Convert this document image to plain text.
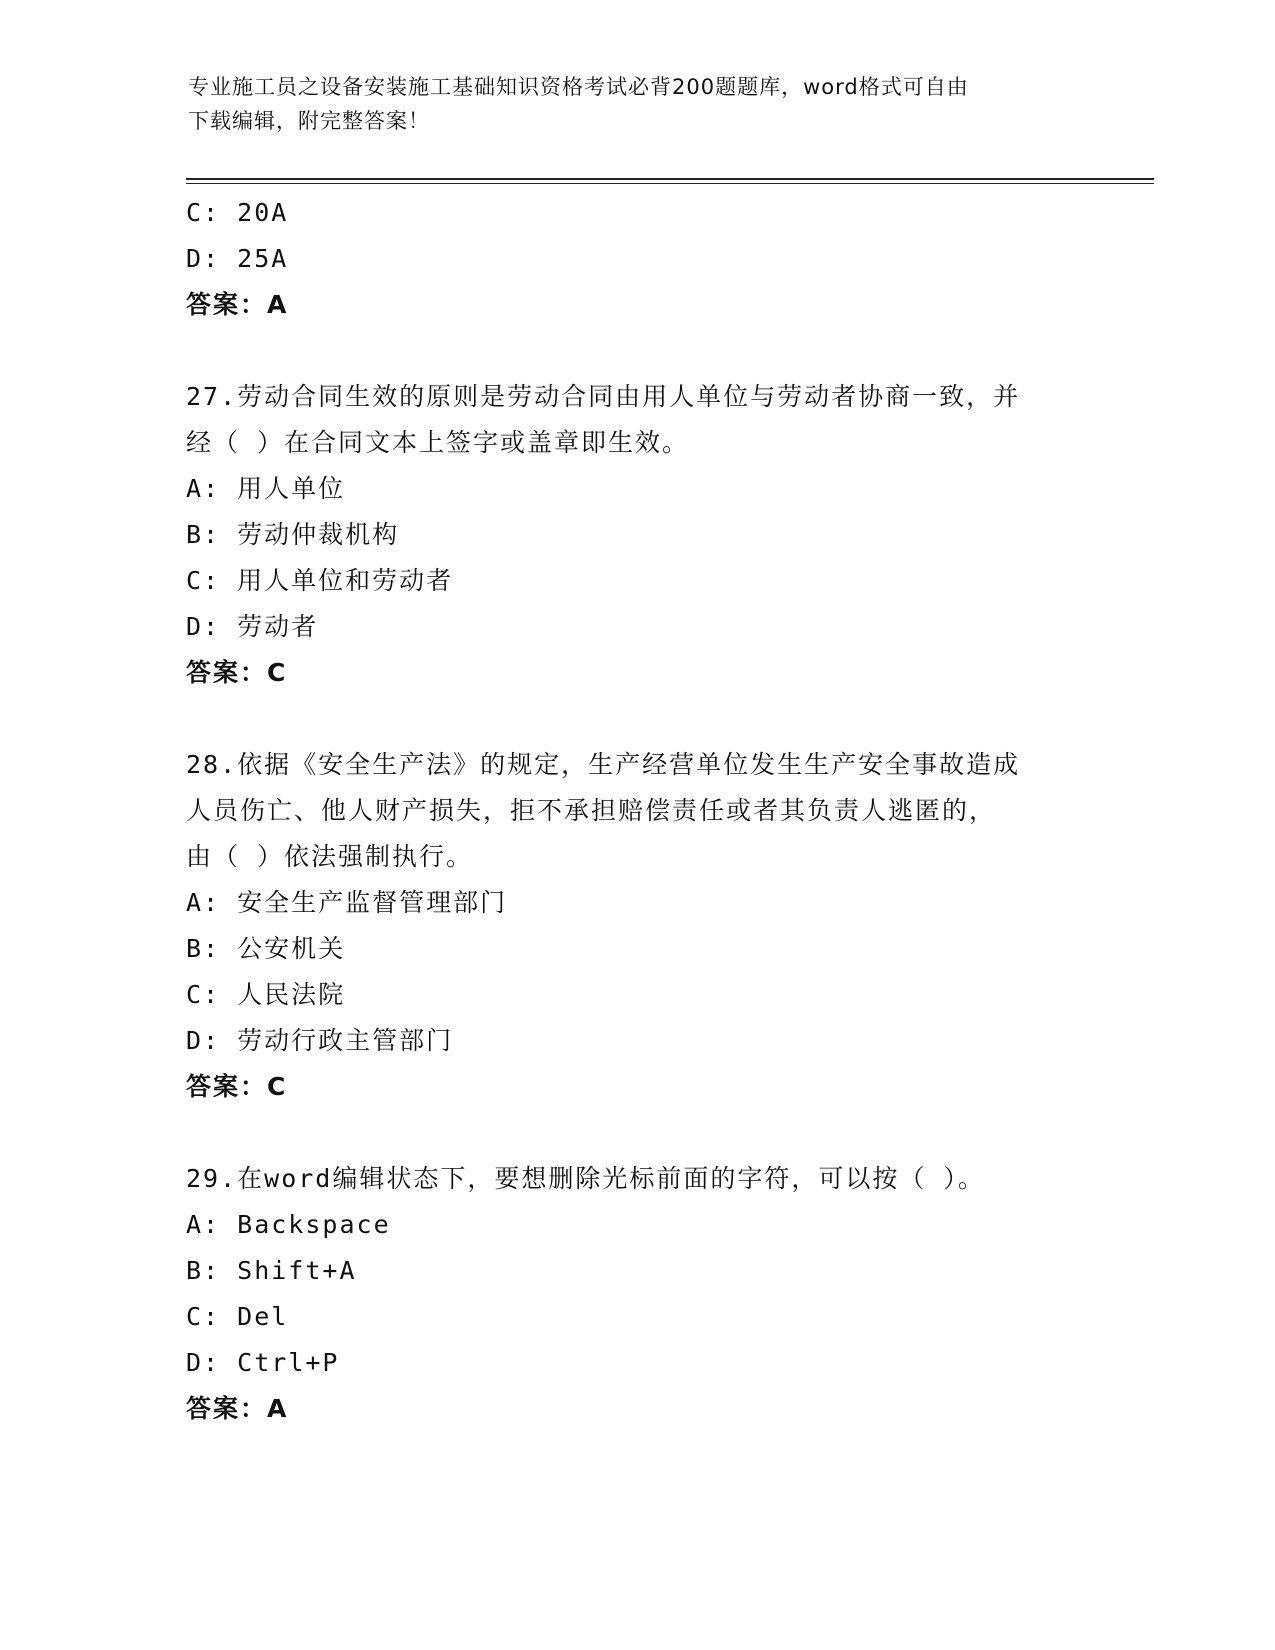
专业施工员之设备安装施工基础知识资格考试必背200题题库，word格式可自由
下载编辑，附完整答案！
C: 20A
D: 25A
答案：A
27.劳动合同生效的原则是劳动合同由用人单位与劳动者协商一致，并
经（ ）在合同文本上签字或盖章即生效。
A: 用人单位
B: 劳动仲裁机构
C: 用人单位和劳动者
D: 劳动者
答案：C
28.依据《安全生产法》的规定，生产经营单位发生生产安全事故造成
人员伤亡、他人财产损失，拒不承担赔偿责任或者其负责人逃匿的，
由（ ）依法强制执行。
A: 安全生产监督管理部门
B: 公安机关
C: 人民法院
D: 劳动行政主管部门
答案：C
29.在word编辑状态下，要想删除光标前面的字符，可以按（ ）。
A: Backspace
B: Shift+A
C: Del
D: Ctrl+P
答案：A
